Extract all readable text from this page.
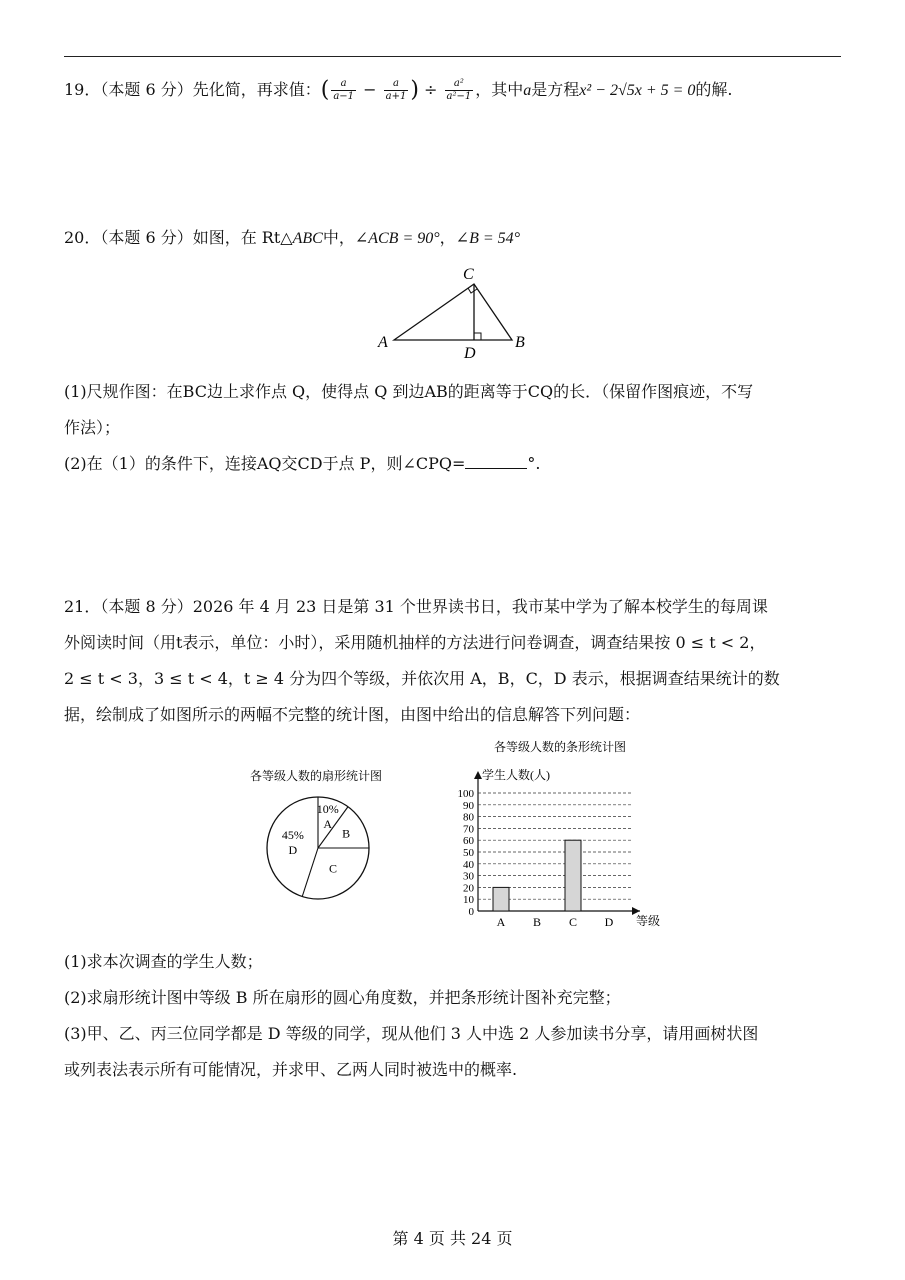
19．（本题 6 分）先化简，再求值：( $\frac{a}{a-1} - \frac{a}{a+1}$ ) ÷ $\frac{\text{a²}}{\text{a²−1}}$ ，其中a是方程x² − 2√5x + 5 = 0的解.
20．（本题 6 分）如图，在 Rt△ABC中，∠ACB = 90°，∠B = 54°
A	B
C
D
(1)尺规作图：在BC边上求作点 Q，使得点 Q 到边AB的距离等于CQ的长．（保留作图痕迹，不写
作法）；
(2)在（1）的条件下，连接AQ交CD于点 P，则∠CPQ=	°.
21．（本题 8 分）2026 年 4 月 23 日是第 31 个世界读书日，我市某中学为了解本校学生的每周课
外阅读时间（用t表示，单位：小时），采用随机抽样的方法进行问卷调查，调查结果按 0 ≤ t < 2，
2 ≤ t < 3，3 ≤ t < 4，t ≥ 4 分为四个等级，并依次用 A，B，C，D 表示，根据调查结果统计的数
据，绘制成了如图所示的两幅不完整的统计图，由图中给出的信息解答下列问题：
各等级人数的扇形统计图
10%
A
B
C
45%
D
各等级人数的条形统计图
学生人数(人)
等级
0
10
20
30
40
50
60
70
80
90
100
A B C D
(1)求本次调查的学生人数；
(2)求扇形统计图中等级 B 所在扇形的圆心角度数，并把条形统计图补充完整；
(3)甲、乙、丙三位同学都是 D 等级的同学，现从他们 3 人中选 2 人参加读书分享，请用画树状图
或列表法表示所有可能情况，并求甲、乙两人同时被选中的概率.
第 4 页 共 24 页
